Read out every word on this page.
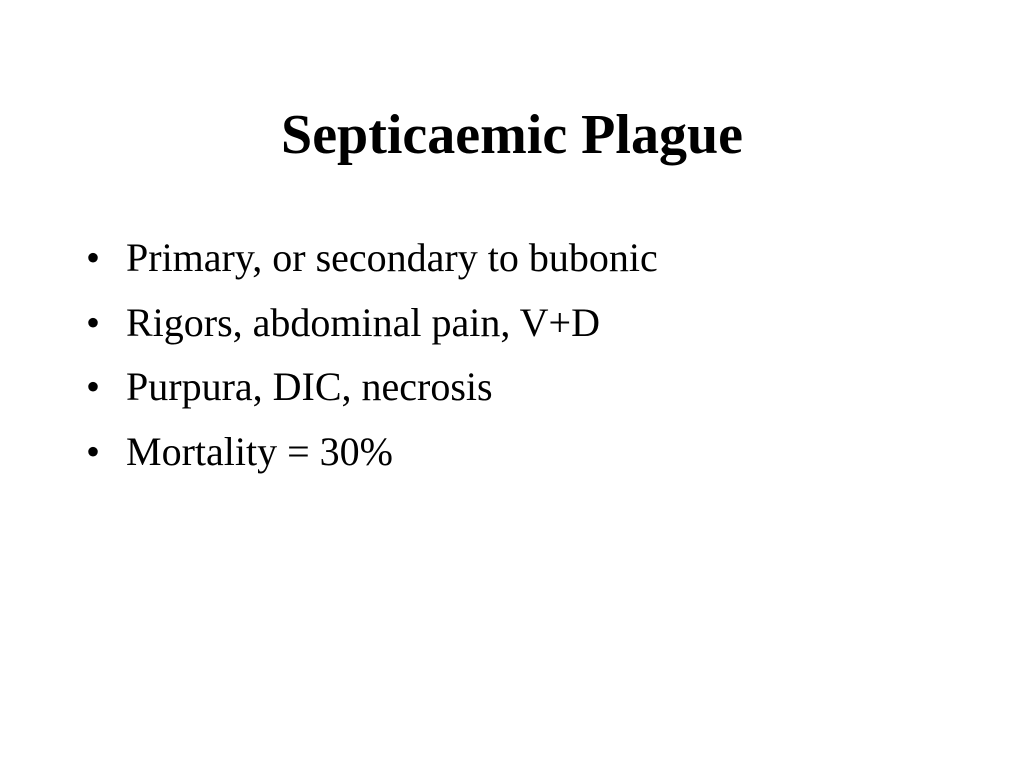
Septicaemic Plague
• Primary, or secondary to bubonic
• Rigors, abdominal pain, V+D
• Purpura, DIC, necrosis
• Mortality = 30%
